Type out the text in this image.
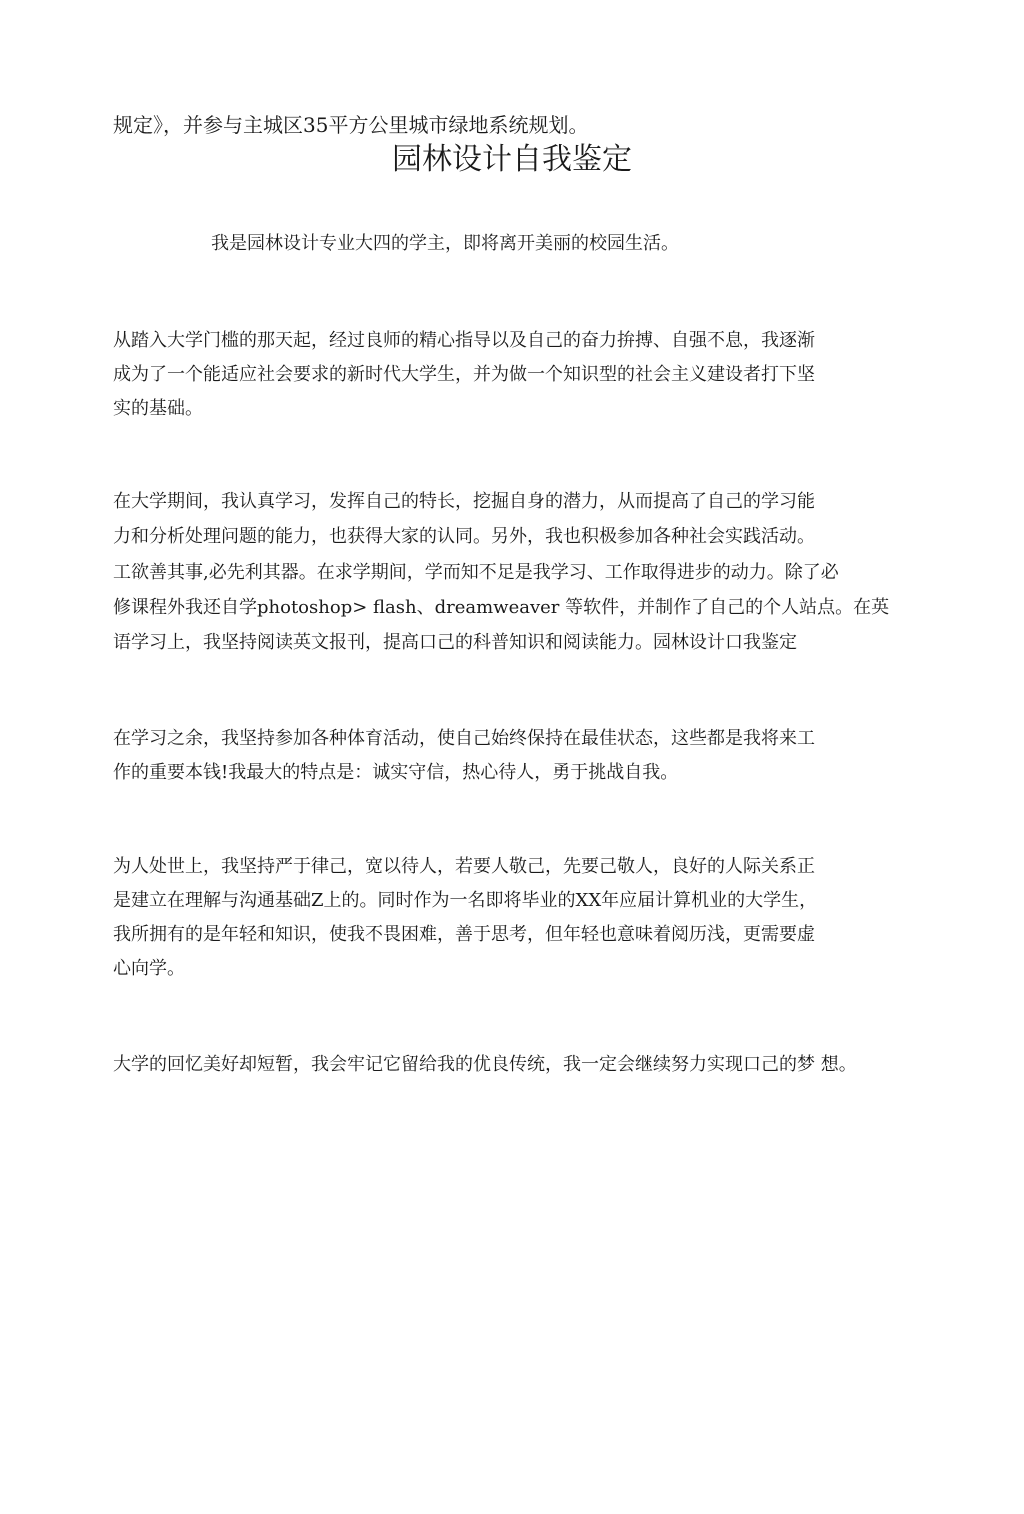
规定》，并参与主城区35平方公里城市绿地系统规划。
园林设计自我鉴定
我是园林设计专业大四的学主，即将离开美丽的校园生活。
从踏入大学门槛的那天起，经过良师的精心指导以及自己的奋力拚搏、自强不息，我逐渐
成为了一个能适应社会要求的新时代大学生，并为做一个知识型的社会主义建设者打下坚
实的基础。
在大学期间，我认真学习，发挥自己的特长，挖掘自身的潜力，从而提高了自己的学习能
力和分析处理问题的能力，也获得大家的认同。另外，我也积极参加各种社会实践活动。
工欲善其事,必先利其器。在求学期间，学而知不足是我学习、工作取得进步的动力。除了必
修课程外我还自学photoshop> flash、dreamweaver 等软件，并制作了自己的个人站点。在英
语学习上，我坚持阅读英文报刊，提高口己的科普知识和阅读能力。园林设计口我鉴定
在学习之余，我坚持参加各种体育活动，使自己始终保持在最佳状态，这些都是我将来工
作的重要本钱!我最大的特点是：诚实守信，热心待人，勇于挑战自我。
为人处世上，我坚持严于律己，宽以待人，若要人敬己，先要己敬人，良好的人际关系正
是建立在理解与沟通基础Z上的。同时作为一名即将毕业的XX年应届计算机业的大学生，
我所拥有的是年轻和知识，使我不畏困难，善于思考，但年轻也意味着阅历浅，更需要虚
心向学。
大学的回忆美好却短暂，我会牢记它留给我的优良传统，我一定会继续努力实现口己的梦 想。
